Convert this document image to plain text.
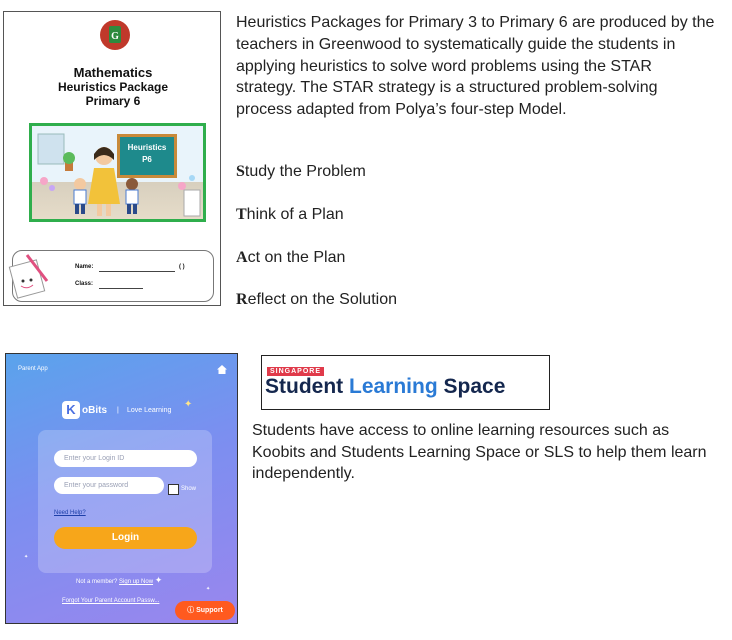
G
Mathematics
Heuristics Package
Primary 6
Heuristics
P6
Name:	( )
Class:
Heuristics Packages for Primary 3 to Primary 6 are produced by the teachers in Greenwood to systematically guide the students in applying heuristics to solve word problems using the STAR strategy. The STAR strategy is a structured problem-solving process adapted from Polya’s four-step Model.
Study the Problem
Think of a Plan
Act on the Plan
Reflect on the Solution
Parent App
K oBits | Love Learning
✦
Enter your Login ID
Enter your password	Show
Need Help?
Login
Not a member? Sign up Now ✦
Forgot Your Parent Account Passw...
ⓘ Support
✦
✦
SINGAPORE
Student Learning Space
Students have access to online learning resources such as Koobits and Students Learning Space or SLS to help them learn independently.
